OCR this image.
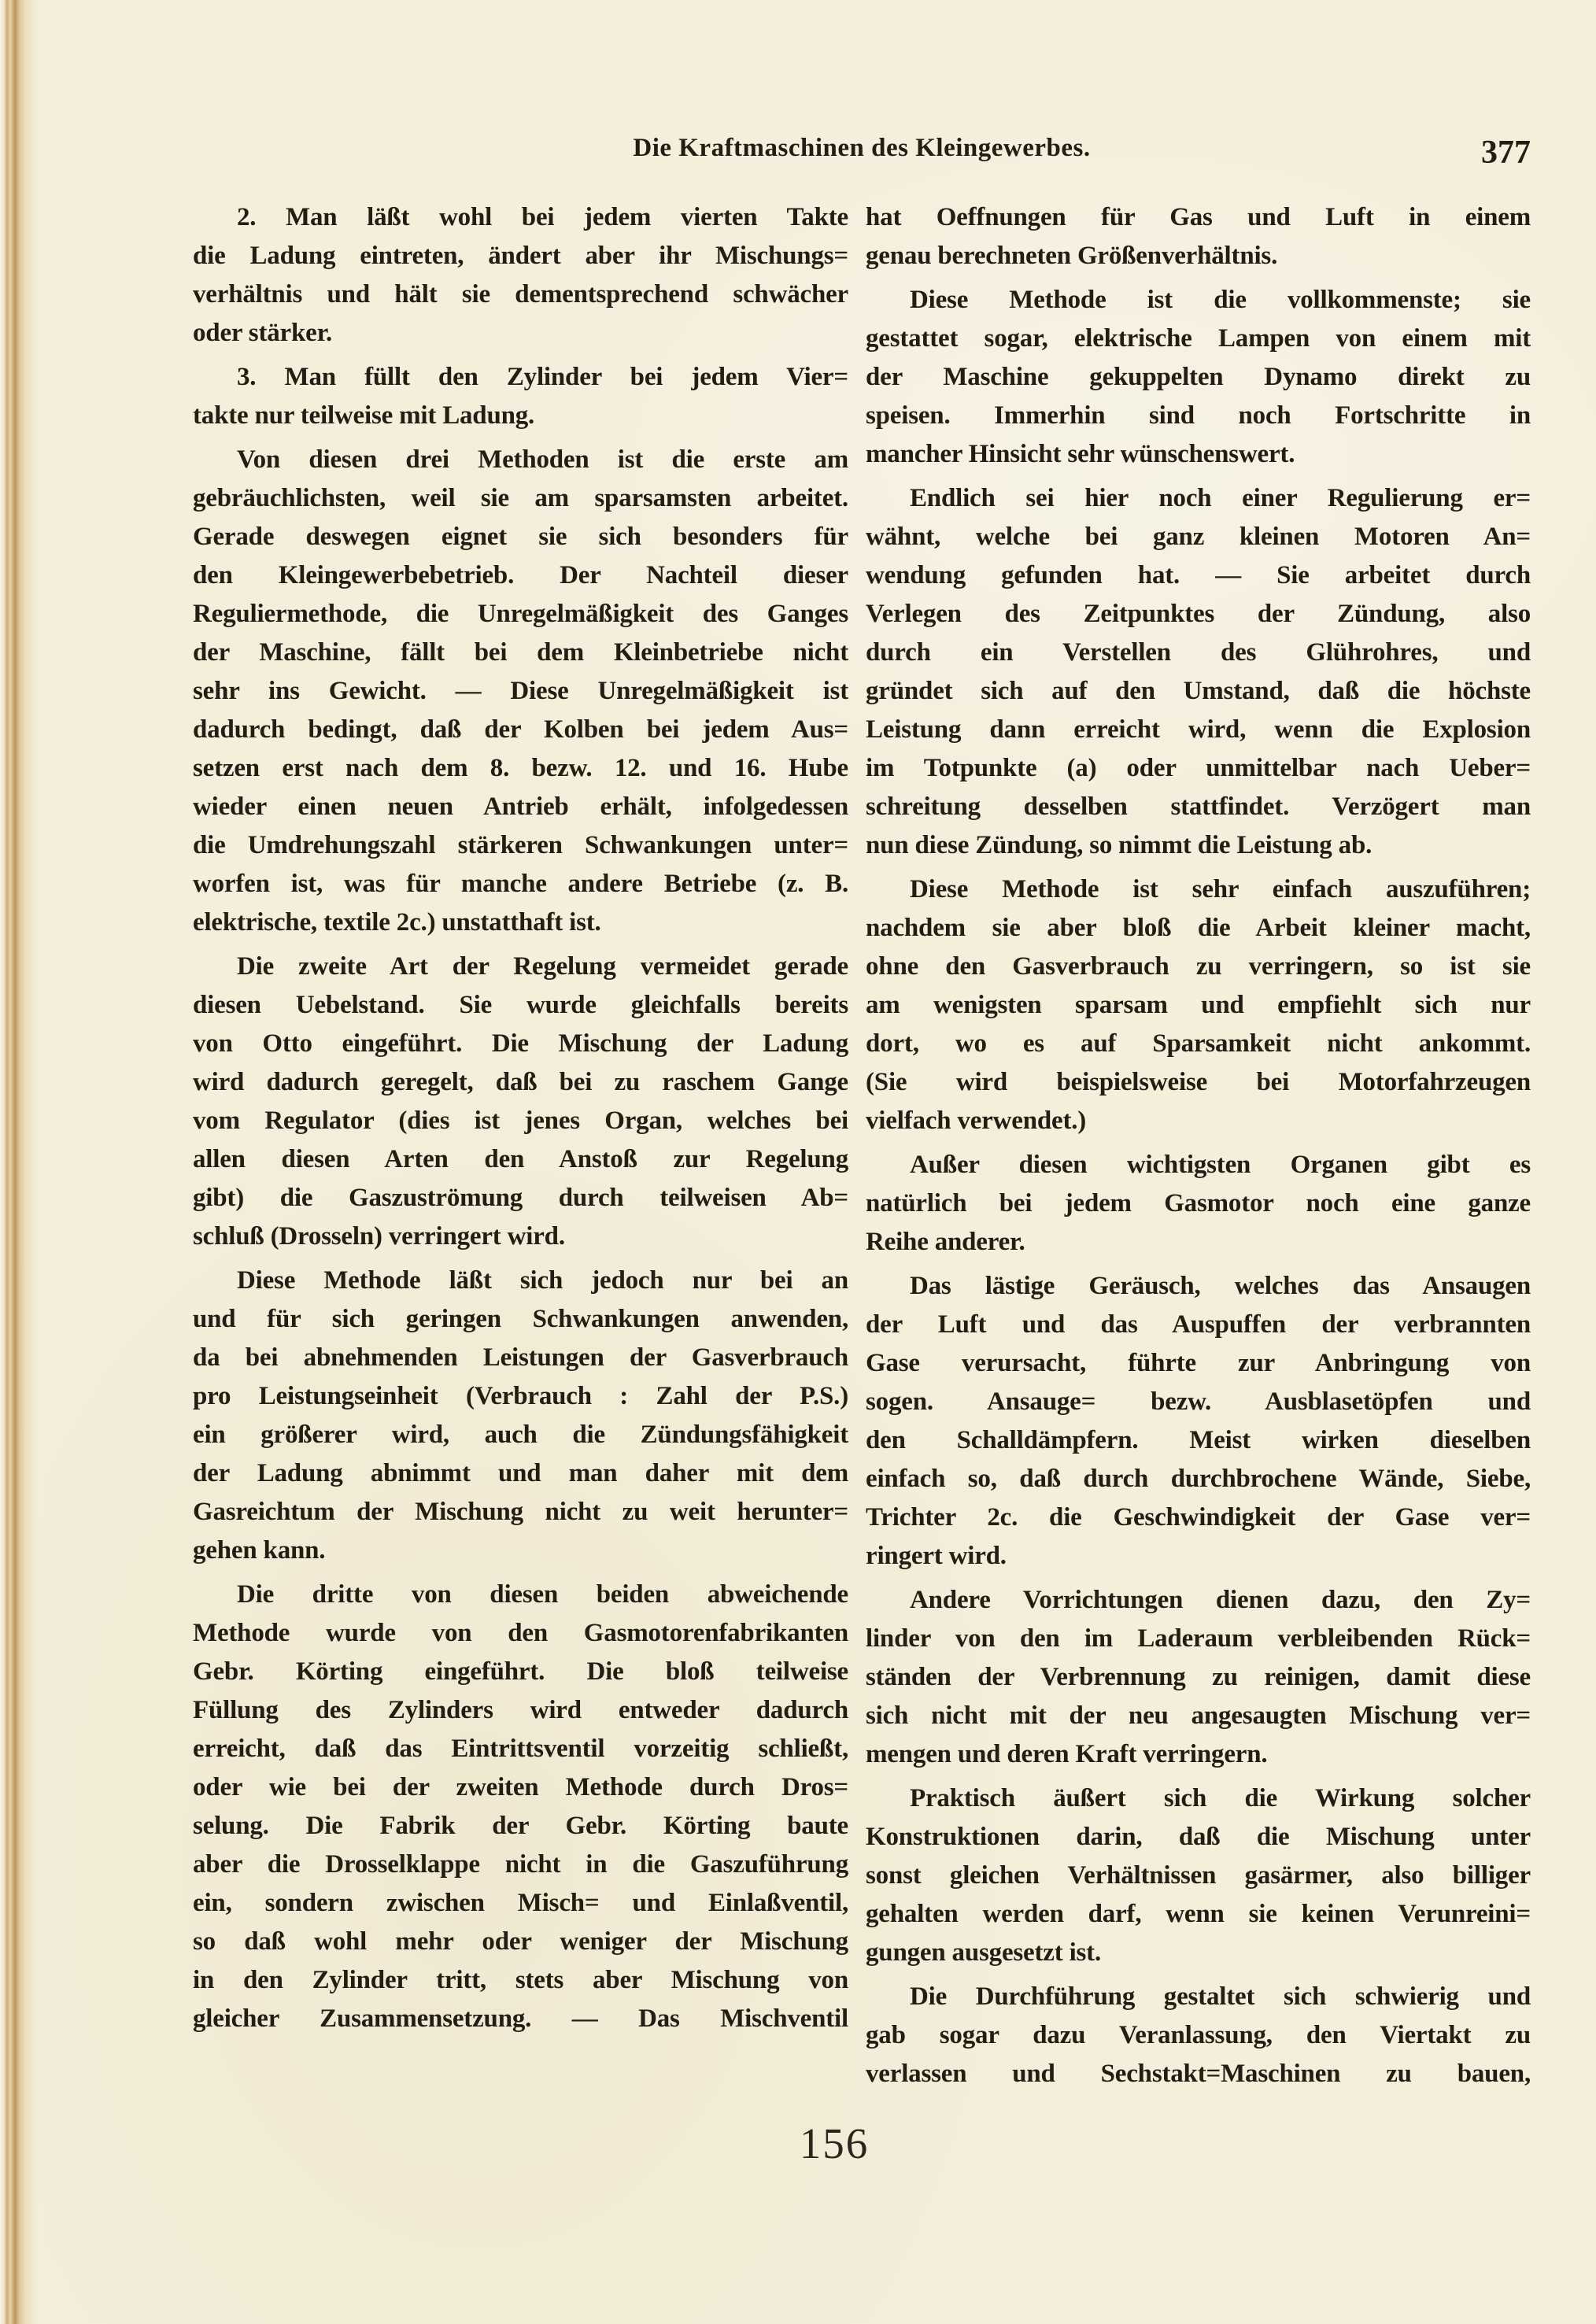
Die Kraftmaschinen des Kleingewerbes.	377
2. Man läßt wohl bei jedem vierten Takte
die Ladung eintreten, ändert aber ihr Mischungs=
verhältnis und hält sie dementsprechend schwächer
oder stärker.
3. Man füllt den Zylinder bei jedem Vier=
takte nur teilweise mit Ladung.
Von diesen drei Methoden ist die erste am
gebräuchlichsten, weil sie am sparsamsten arbeitet.
Gerade deswegen eignet sie sich besonders für
den Kleingewerbebetrieb. Der Nachteil dieser
Reguliermethode, die Unregelmäßigkeit des Ganges
der Maschine, fällt bei dem Kleinbetriebe nicht
sehr ins Gewicht. — Diese Unregelmäßigkeit ist
dadurch bedingt, daß der Kolben bei jedem Aus=
setzen erst nach dem 8. bezw. 12. und 16. Hube
wieder einen neuen Antrieb erhält, infolgedessen
die Umdrehungszahl stärkeren Schwankungen unter=
worfen ist, was für manche andere Betriebe (z. B.
elektrische, textile 2c.) unstatthaft ist.
Die zweite Art der Regelung vermeidet gerade
diesen Uebelstand. Sie wurde gleichfalls bereits
von Otto eingeführt. Die Mischung der Ladung
wird dadurch geregelt, daß bei zu raschem Gange
vom Regulator (dies ist jenes Organ, welches bei
allen diesen Arten den Anstoß zur Regelung
gibt) die Gaszuströmung durch teilweisen Ab=
schluß (Drosseln) verringert wird.
Diese Methode läßt sich jedoch nur bei an
und für sich geringen Schwankungen anwenden,
da bei abnehmenden Leistungen der Gasverbrauch
pro Leistungseinheit (Verbrauch : Zahl der P.S.)
ein größerer wird, auch die Zündungsfähigkeit
der Ladung abnimmt und man daher mit dem
Gasreichtum der Mischung nicht zu weit herunter=
gehen kann.
Die dritte von diesen beiden abweichende
Methode wurde von den Gasmotorenfabrikanten
Gebr. Körting eingeführt. Die bloß teilweise
Füllung des Zylinders wird entweder dadurch
erreicht, daß das Eintrittsventil vorzeitig schließt,
oder wie bei der zweiten Methode durch Dros=
selung. Die Fabrik der Gebr. Körting baute
aber die Drosselklappe nicht in die Gaszuführung
ein, sondern zwischen Misch= und Einlaßventil,
so daß wohl mehr oder weniger der Mischung
in den Zylinder tritt, stets aber Mischung von
gleicher Zusammensetzung. — Das Mischventil
hat Oeffnungen für Gas und Luft in einem
genau berechneten Größenverhältnis.
Diese Methode ist die vollkommenste; sie
gestattet sogar, elektrische Lampen von einem mit
der Maschine gekuppelten Dynamo direkt zu
speisen. Immerhin sind noch Fortschritte in
mancher Hinsicht sehr wünschenswert.
Endlich sei hier noch einer Regulierung er=
wähnt, welche bei ganz kleinen Motoren An=
wendung gefunden hat. — Sie arbeitet durch
Verlegen des Zeitpunktes der Zündung, also
durch ein Verstellen des Glührohres, und
gründet sich auf den Umstand, daß die höchste
Leistung dann erreicht wird, wenn die Explosion
im Totpunkte (a) oder unmittelbar nach Ueber=
schreitung desselben stattfindet. Verzögert man
nun diese Zündung, so nimmt die Leistung ab.
Diese Methode ist sehr einfach auszuführen;
nachdem sie aber bloß die Arbeit kleiner macht,
ohne den Gasverbrauch zu verringern, so ist sie
am wenigsten sparsam und empfiehlt sich nur
dort, wo es auf Sparsamkeit nicht ankommt.
(Sie wird beispielsweise bei Motorfahrzeugen
vielfach verwendet.)
Außer diesen wichtigsten Organen gibt es
natürlich bei jedem Gasmotor noch eine ganze
Reihe anderer.
Das lästige Geräusch, welches das Ansaugen
der Luft und das Auspuffen der verbrannten
Gase verursacht, führte zur Anbringung von
sogen. Ansauge= bezw. Ausblasetöpfen und
den Schalldämpfern. Meist wirken dieselben
einfach so, daß durch durchbrochene Wände, Siebe,
Trichter 2c. die Geschwindigkeit der Gase ver=
ringert wird.
Andere Vorrichtungen dienen dazu, den Zy=
linder von den im Laderaum verbleibenden Rück=
ständen der Verbrennung zu reinigen, damit diese
sich nicht mit der neu angesaugten Mischung ver=
mengen und deren Kraft verringern.
Praktisch äußert sich die Wirkung solcher
Konstruktionen darin, daß die Mischung unter
sonst gleichen Verhältnissen gasärmer, also billiger
gehalten werden darf, wenn sie keinen Verunreini=
gungen ausgesetzt ist.
Die Durchführung gestaltet sich schwierig und
gab sogar dazu Veranlassung, den Viertakt zu
verlassen und Sechstakt=Maschinen zu bauen,
156
